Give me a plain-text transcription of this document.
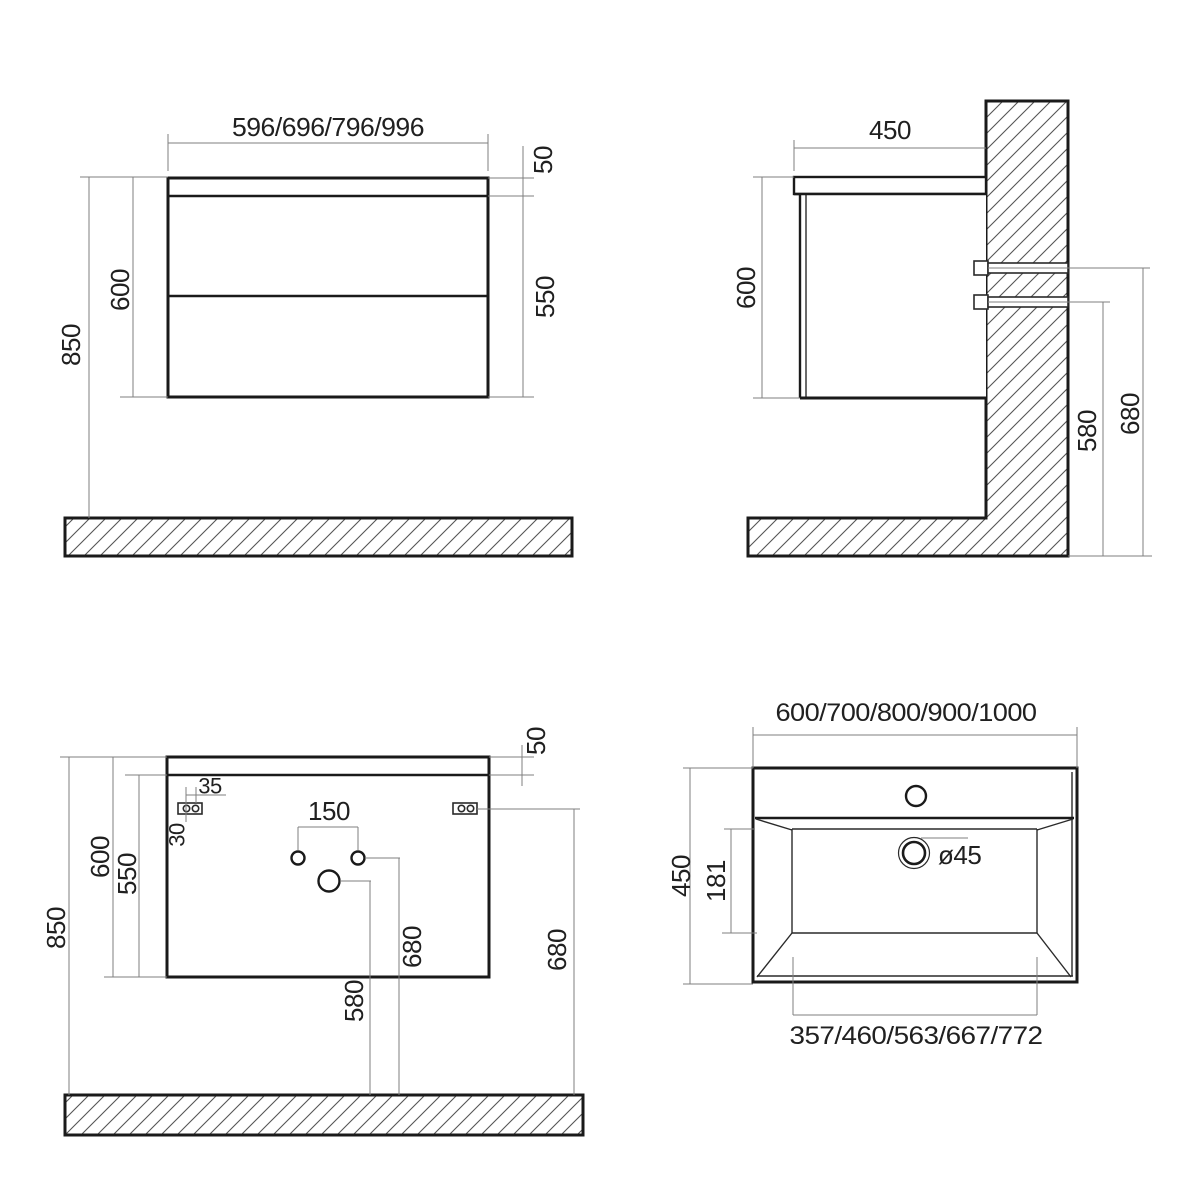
596/696/796/996
50
550
600
850
450
600
680
580
35
30
150
680
580
50
680
550
600
850
ø45
600/700/800/900/1000
450 181
357/460/563/667/772
